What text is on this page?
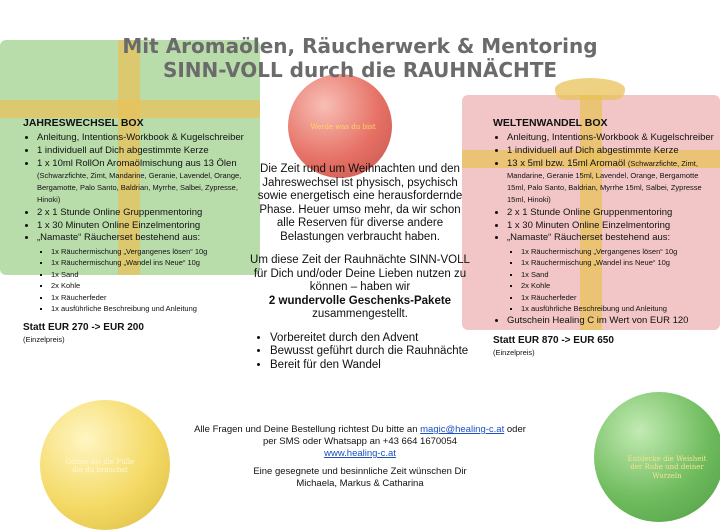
Werde was du bist
Gönne dir die Fülle die du brauchst
Entdecke die Weisheit der Ruhe und deiner Wurzeln
Mit Aromaölen, Räucherwerk & Mentoring
SINN-VOLL durch die RAUHNÄCHTE
JAHRESWECHSEL BOX
• Anleitung, Intentions-Workbook & Kugelschreiber
• 1 individuell auf Dich abgestimmte Kerze
• 1 x 10ml RollOn Aromaölmischung aus 13 Ölen (Schwarzfichte, Zimt, Mandarine, Geranie, Lavendel, Orange, Bergamotte, Palo Santo, Baldrian, Myrrhe, Salbei, Zypresse, Hinoki)
• 2 x 1 Stunde Online Gruppenmentoring
• 1 x 30 Minuten Online Einzelmentoring
• „Namaste“ Räucherset bestehend aus:
▪ 1x Räuchermischung „Vergangenes lösen“ 10g
▪ 1x Räuchermischung „Wandel ins Neue“ 10g
▪ 1x Sand
▪ 2x Kohle
▪ 1x Räucherfeder
▪ 1x ausführliche Beschreibung und Anleitung
Statt EUR 270 -> EUR 200
(Einzelpreis)

Die Zeit rund um Weihnachten und den Jahreswechsel ist physisch, psychisch sowie energetisch eine herausfordernde Phase. Heuer umso mehr, da wir schon alle Reserven für diverse andere Belastungen verbraucht haben.

Um diese Zeit der Rauhnächte SINN-VOLL für Dich und/oder Deine Lieben nutzen zu können – haben wir
2 wundervolle Geschenks-Pakete
zusammengestellt.

• Vorbereitet durch den Advent
• Bewusst geführt durch die Rauhnächte
• Bereit für den Wandel
WELTENWANDEL BOX
• Anleitung, Intentions-Workbook & Kugelschreiber
• 1 individuell auf Dich abgestimmte Kerze
• 13 x 5ml bzw. 15ml Aromaöl (Schwarzfichte, Zimt, Mandarine, Geranie 15ml, Lavendel, Orange, Bergamotte 15ml, Palo Santo, Baldrian, Myrrhe 15ml, Salbei, Zypresse 15ml, Hinoki)
• 2 x 1 Stunde Online Gruppenmentoring
• 1 x 30 Minuten Online Einzelmentoring
• „Namaste“ Räucherset bestehend aus:
▪ 1x Räuchermischung „Vergangenes lösen“ 10g
▪ 1x Räuchermischung „Wandel ins Neue“ 10g
▪ 1x Sand
▪ 2x Kohle
▪ 1x Räucherfeder
▪ 1x ausführliche Beschreibung und Anleitung
• Gutschein Healing C im Wert von EUR 120
Statt EUR 870 -> EUR 650
(Einzelpreis)

Alle Fragen und Deine Bestellung richtest Du bitte an magic@healing-c.at oder per SMS oder Whatsapp an +43 664 1670054
www.healing-c.at

Eine gesegnete und besinnliche Zeit wünschen Dir
Michaela, Markus & Catharina
